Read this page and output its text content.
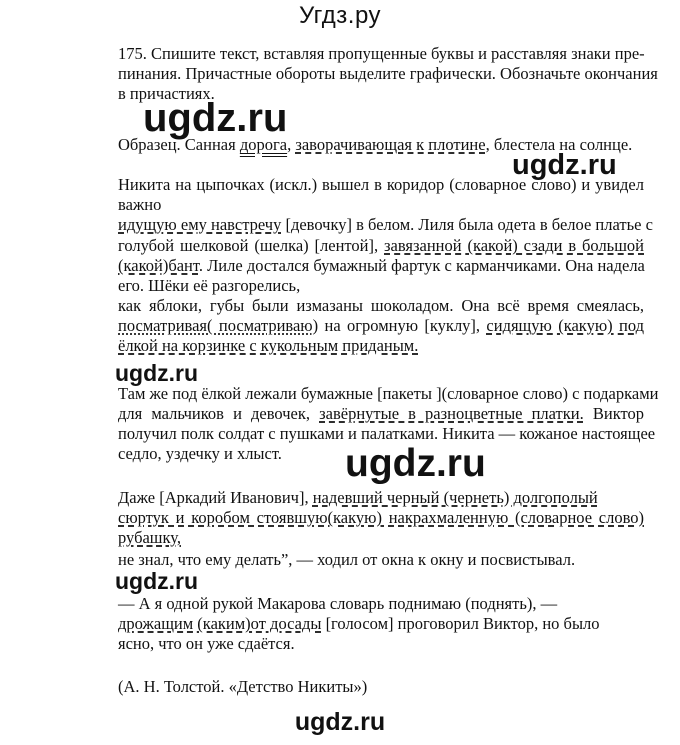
Угдз.ру
175. Спишите текст, вставляя пропущенные буквы и расставляя знаки пре-
пинания. Причастные обороты выделите графически. Обозначьте окончания
в причастиях.
Образец. Санная дорога, заворачивающая к плотине, блестела на солнце.
Никита на цыпочках (искл.) вышел в коридор (словарное слово) и увидел
важно
идущую ему навстречу [девочку] в белом. Лиля была одета в белое платье с
голубой шелковой (шелка) [лентой], завязанной (какой) сзади в большой
(какой)бант. Лиле достался бумажный фартук с карманчиками. Она надела
его. Шёки её разгорелись,
как яблоки, губы были измазаны шоколадом. Она всё время смеялась,
посматривая( посматриваю) на огромную [куклу], сидящую (какую) под
ёлкой на корзинке с кукольным приданым.
Там же под ёлкой лежали бумажные [пакеты ](словарное слово) с подарками
для мальчиков и девочек, завёрнутые в разноцветные платки. Виктор
получил полк солдат с пушками и палатками. Никита — кожаное настоящее
седло, уздечку и хлыст.
Даже [Аркадий Иванович], надевший черный (чернеть) долгополый
сюртук и коробом стоявшую(какую) накрахмаленную (словарное слово)
рубашку,
не знал, что ему делать”, — ходил от окна к окну и посвистывал.
— А я одной рукой Макарова словарь поднимаю (поднять), —
дрожащим (каким)от досады [голосом] проговорил Виктор, но было
ясно, что он уже сдаётся.
(А. Н. Толстой. «Детство Никиты»)
ugdz.ru
ugdz.ru
ugdz.ru
ugdz.ru
ugdz.ru
ugdz.ru
